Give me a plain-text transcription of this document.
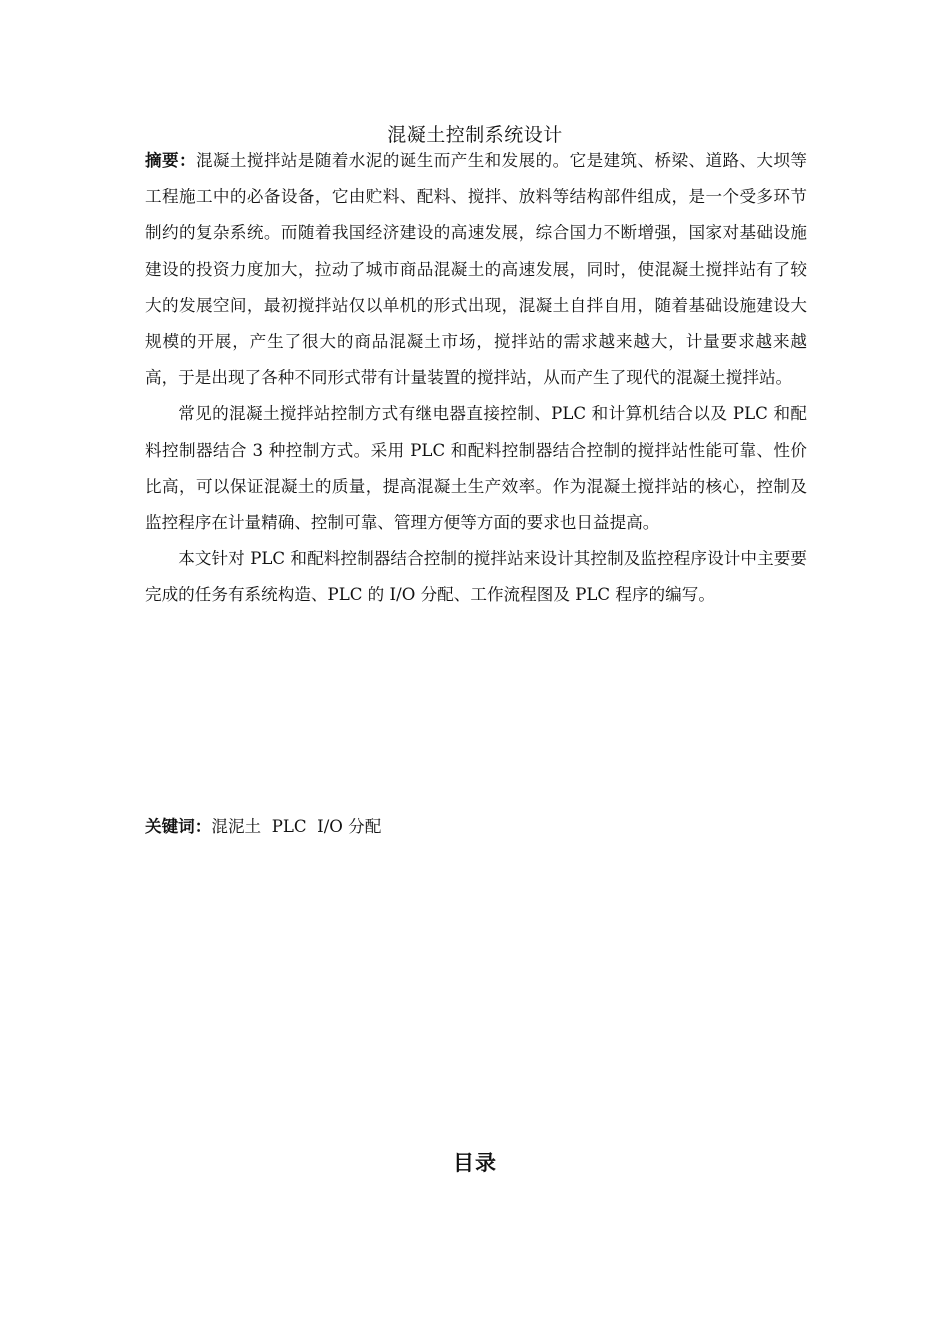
混凝土控制系统设计

摘要：混凝土搅拌站是随着水泥的诞生而产生和发展的。它是建筑、桥梁、道路、大坝等工程施工中的必备设备，它由贮料、配料、搅拌、放料等结构部件组成，是一个受多环节制约的复杂系统。而随着我国经济建设的高速发展，综合国力不断增强，国家对基础设施建设的投资力度加大，拉动了城市商品混凝土的高速发展，同时，使混凝土搅拌站有了较大的发展空间，最初搅拌站仅以单机的形式出现，混凝土自拌自用，随着基础设施建设大规模的开展，产生了很大的商品混凝土市场，搅拌站的需求越来越大，计量要求越来越高，于是出现了各种不同形式带有计量装置的搅拌站，从而产生了现代的混凝土搅拌站。

常见的混凝土搅拌站控制方式有继电器直接控制、PLC 和计算机结合以及 PLC 和配料控制器结合 3 种控制方式。采用 PLC 和配料控制器结合控制的搅拌站性能可靠、性价比高，可以保证混凝土的质量，提高混凝土生产效率。作为混凝土搅拌站的核心，控制及监控程序在计量精确、控制可靠、管理方便等方面的要求也日益提高。

本文针对 PLC 和配料控制器结合控制的搅拌站来设计其控制及监控程序设计中主要要完成的任务有系统构造、PLC 的 I/O 分配、工作流程图及 PLC 程序的编写。

关键词：混泥土  PLC  I/O 分配
目录
